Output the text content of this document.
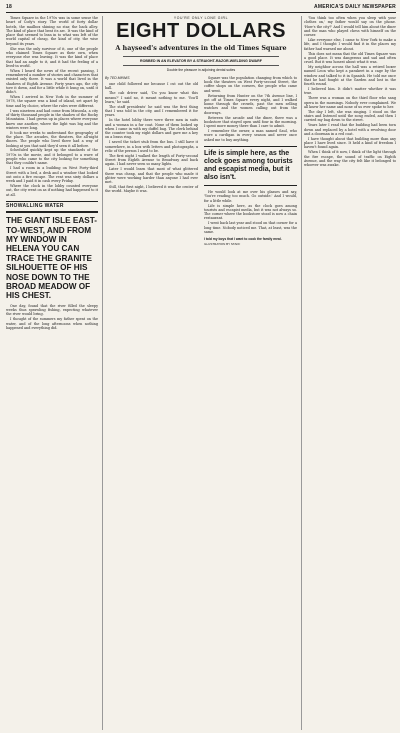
18	AMERICA'S DAILY NEWSPAPER

Times Square in the 1970s was in some sense the heart of Cody's story. The world of forty dollar hotels, the mailbox shining no star, the back alley. The kind of place that bent its arc. It was the kind of place that seemed to lean in to what was left of the world capital of cheap, the kind of city, the wise beyond its years.

She was the only survivor of it, one of the people who claimed Times Square as their own, when everyone else was leaving. It was the kind of place that had an angle to it, and it had the feeling of a lived-in world.

When I heard the news of the recent passing, I remembered a number of stories and characters that existed only there. It was a world that lived in the shadows of Eighth Avenue. Forty years ago, the city tore it down, and for a little while it hung on, until it didn't.

When I arrived in New York in the summer of 1978, the square was a kind of island, set apart by time and by choice, where the rules were different.

I was nineteen and had come from Missoula, a city of thirty thousand people in the shadow of the Rocky Mountains. I had grown up in places where everyone knew one another, where the light was big and the winters were long.

It took me weeks to understand the geography of the place. The arcades, the theaters, the all-night diners. The people who lived there had a way of looking at you that said they'd seen it all before.

Scheduled quickly kept up the standards of the 1970s in the movie, and it belonged to a wave of people who came to the city looking for something that they couldn't name.

I had a room in a building on West Forty-third Street with a bed, a desk and a window that looked out onto a fire escape. The rent was sixty dollars a week and I paid it in cash every Friday.

Where the clock in the lobby counted everyone out, the city went on as if nothing had happened to it at all.

SHOWALLING WATER
THE GIANT ISLE EAST-TO-WEST, AND FROM MY WINDOW IN HELENA YOU CAN TRACE THE GRANITE SILHOUETTE OF HIS NOSE DOWN TO THE BROAD MEADOW OF HIS CHEST.

One day, found that the river filled the sleepy weeks thus sprawling fishing, expecting whatever the river would bring.

I thought of the summers my father spent on the water, and of the long afternoons when nothing happened and everything did.

YOU'RE ONLY LONE GIRL
EIGHT DOLLARS
A hayseed's adventures in the old Times Square
ROBBED IN AN ELEVATOR BY A STRAIGHT-RAZOR-WIELDING DWARF
Double the pleasure in adjoining dental suites
By TED MINNIS

one child followed me because I cut out the old hall.

The cab driver said, 'Do you know what this means?' I said no, it meant nothing to me. 'You'll learn,' he said.

The staff presidents' he said was the first thing that I was told in the city, and I remembered it for years.

In the hotel lobby there were three men in suits and a woman in a fur coat. None of them looked up when I came in with my duffel bag. The clerk behind the counter took my eight dollars and gave me a key on a brass ring.

I saved the ticket stub from the bus. I still have it somewhere, in a box with letters and photographs, a relic of the person I used to be.

The first night I walked the length of Forty-second Street from Eighth Avenue to Broadway and back again. I had never seen so many lights.

Later I would learn that most of what glittered there was cheap, and that the people who made it glitter were working harder than anyone I had ever met.

Still, that first night, I believed it was the center of the world. Maybe it was.

Square was the population changing from which to hook the theaters on West Forty-second Street, the coffee shops on the corners, the people who came and went.

Returning from Hunter on the 7th Avenue line, I got off at Times Square every night, and I walked home through the crowds, past the men selling watches and the women calling out from the doorways.

Between the arcade and the diner, there was a bookstore that stayed open until four in the morning. I spent more money there than I care to admit.

I remember the owner, a man named Saul, who wore a cardigan in every season and never once asked me to buy anything.

Life is simple here, as the clock goes among tourists and escapist media, but it also isn't.

He would look at me over his glasses and say, 'You're reading too much. Go outside.' And I would, for a little while.

Life is simple here, as the clock goes among tourists and escapist media, but it was not always so. The corner where the bookstore stood is now a chain restaurant.

I went back last year and stood on that corner for a long time. Nobody noticed me. That, at least, was the same.

I told my boys that I want to cook the family meal.
ILLUSTRATION BY STAFF

'You think too often when you sleep with your clothes on,' my father would say on the phone. 'How's the city?' And I would tell him about the diner and the man who played chess with himself on the corner.

Like everyone else, I came to New York to make a life, and I thought I would find it in the places my father had warned me about.

This does not mean that the old Times Square was a good place. It was dangerous and sad and often cruel. But it was honest about what it was.

My neighbor across the hall was a retired boxer named Leon who kept a parakeet in a cage by the window and talked to it in Spanish. He told me once that he had fought at the Garden and lost in the fourth round.

I believed him. It didn't matter whether it was true.

There was a woman on the third floor who sang opera in the mornings. Nobody ever complained. We all knew her name and none of us ever spoke to her.

The day I left, she was singing. I stood on the stairs and listened until the song ended, and then I carried my bag down to the street.

Years later I read that the building had been torn down and replaced by a hotel with a revolving door and a doorman in a red coat.

I have thought about that building more than any place I have lived since. It held a kind of freedom I haven't found again.

When I think of it now, I think of the light through the fire escape, the sound of traffic on Eighth Avenue, and the way the city felt like it belonged to whoever was awake.
